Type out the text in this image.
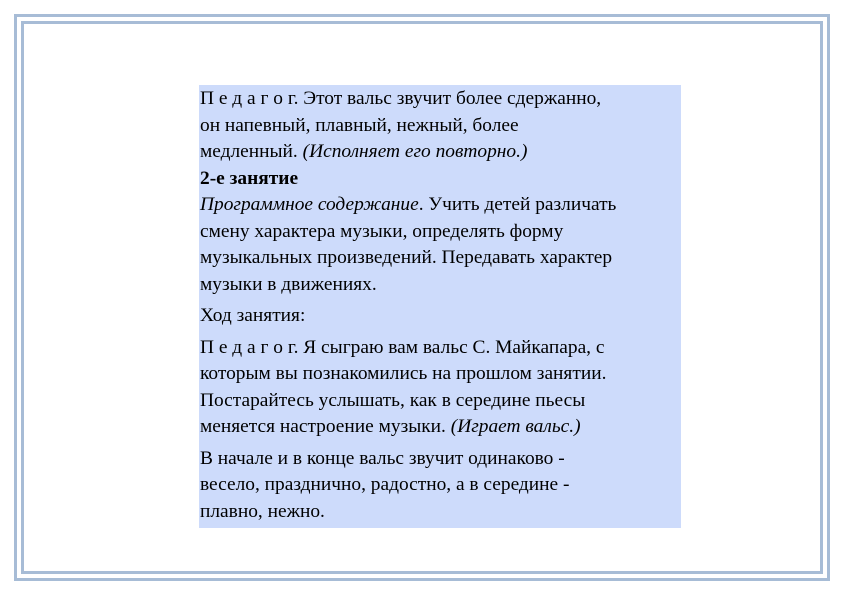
П е д а г о г. Этот вальс звучит более сдержанно,
он напевный, плавный, нежный, более
медленный. (Исполняет его повторно.)
2-е занятие
Программное содержание. Учить детей различать
смену характера музыки, определять форму
музыкальных произведений. Передавать характер
музыки в движениях.
Ход занятия:
П е д а г о г. Я сыграю вам вальс С. Майкапара, с
которым вы познакомились на прошлом занятии.
Постарайтесь услышать, как в середине пьесы
меняется настроение музыки. (Играет вальс.)
В начале и в конце вальс звучит одинаково -
весело, празднично, радостно, а в середине -
плавно, нежно.
